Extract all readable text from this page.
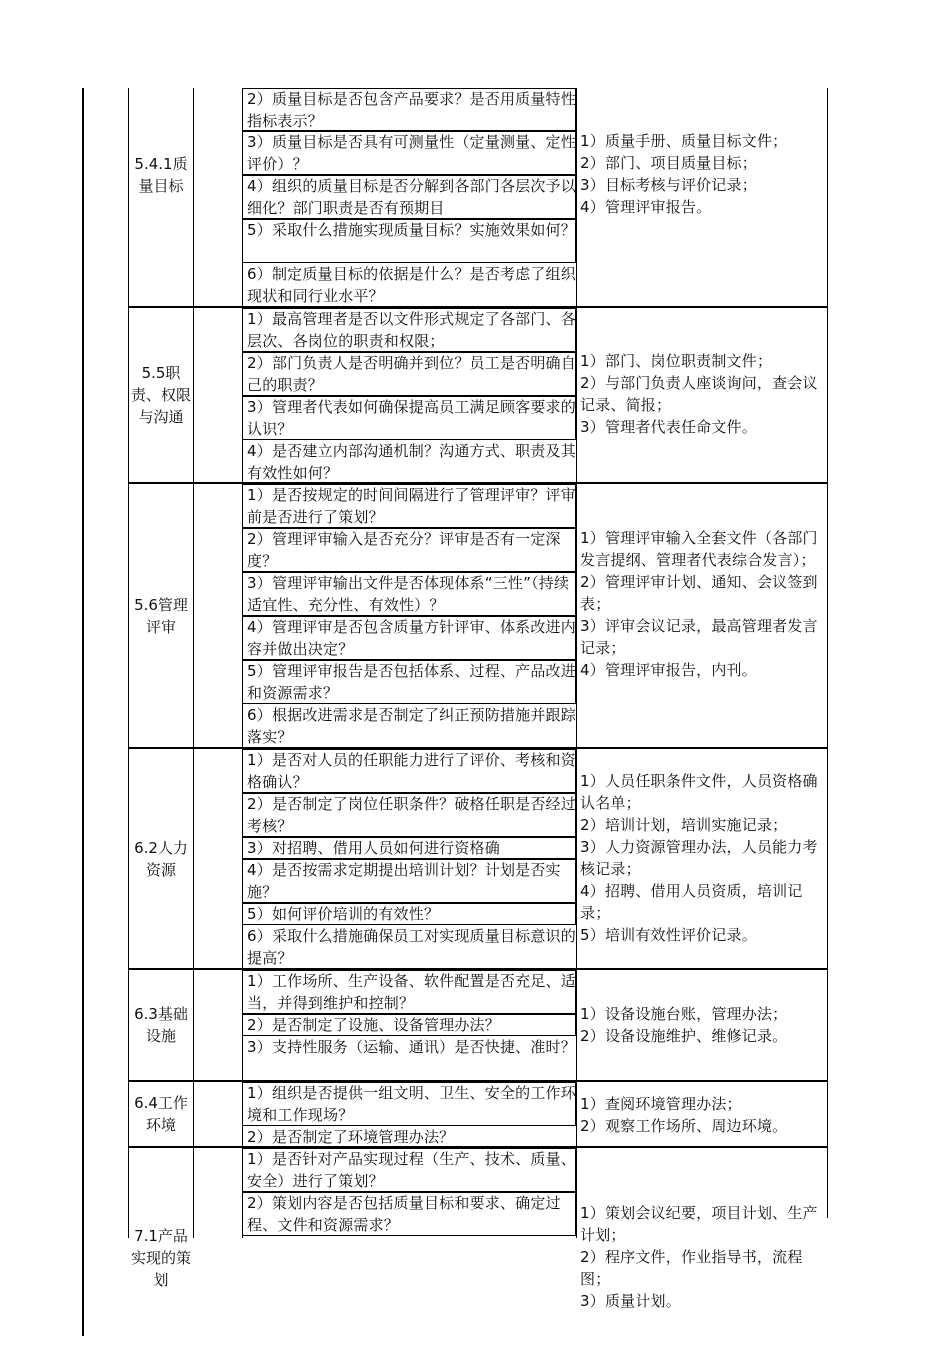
5.4.1质量目标
2）质量目标是否包含产品要求？是否用质量特性指标表示？
3）质量目标是否具有可测量性（定量测量、定性评价）？
4）组织的质量目标是否分解到各部门各层次予以细化？部门职责是否有预期目
5）采取什么措施实现质量目标？实施效果如何？
6）制定质量目标的依据是什么？是否考虑了组织现状和同行业水平？
1）质量手册、质量目标文件；
2）部门、项目质量目标；
3）目标考核与评价记录；
4）管理评审报告。
5.5职责、权限与沟通
1）最高管理者是否以文件形式规定了各部门、各层次、各岗位的职责和权限；
2）部门负责人是否明确并到位？员工是否明确自己的职责？
3）管理者代表如何确保提高员工满足顾客要求的认识？
4）是否建立内部沟通机制？沟通方式、职责及其有效性如何？
1）部门、岗位职责制文件；
2）与部门负责人座谈询问，查会议记录、简报；
3）管理者代表任命文件。
5.6管理评审
1）是否按规定的时间间隔进行了管理评审？评审前是否进行了策划？
2）管理评审输入是否充分？评审是否有一定深度？
3）管理评审输出文件是否体现体系“三性”（持续适宜性、充分性、有效性）？
4）管理评审是否包含质量方针评审、体系改进内容并做出决定？
5）管理评审报告是否包括体系、过程、产品改进和资源需求？
6）根据改进需求是否制定了纠正预防措施并跟踪落实？
1）管理评审输入全套文件（各部门发言提纲、管理者代表综合发言）；
2）管理评审计划、通知、会议签到表；
3）评审会议记录，最高管理者发言记录；
4）管理评审报告，内刊。
6.2人力资源
1）是否对人员的任职能力进行了评价、考核和资格确认？
2）是否制定了岗位任职条件？破格任职是否经过考核？
3）对招聘、借用人员如何进行资格确
4）是否按需求定期提出培训计划？计划是否实施？
5）如何评价培训的有效性？
6）采取什么措施确保员工对实现质量目标意识的提高？
1）人员任职条件文件，人员资格确认名单；
2）培训计划，培训实施记录；
3）人力资源管理办法，人员能力考核记录；
4）招聘、借用人员资质，培训记录；
5）培训有效性评价记录。
6.3基础设施
1）工作场所、生产设备、软件配置是否充足、适当，并得到维护和控制？
2）是否制定了设施、设备管理办法？
3）支持性服务（运输、通讯）是否快捷、准时？
1）设备设施台账，管理办法；
2）设备设施维护、维修记录。
6.4工作环境
1）组织是否提供一组文明、卫生、安全的工作环境和工作现场？
2）是否制定了环境管理办法？
1）查阅环境管理办法；
2）观察工作场所、周边环境。
7.1产品实现的策划
1）是否针对产品实现过程（生产、技术、质量、安全）进行了策划？
2）策划内容是否包括质量目标和要求、确定过程、文件和资源需求？
1）策划会议纪要，项目计划、生产计划；
2）程序文件，作业指导书，流程图；
3）质量计划。
